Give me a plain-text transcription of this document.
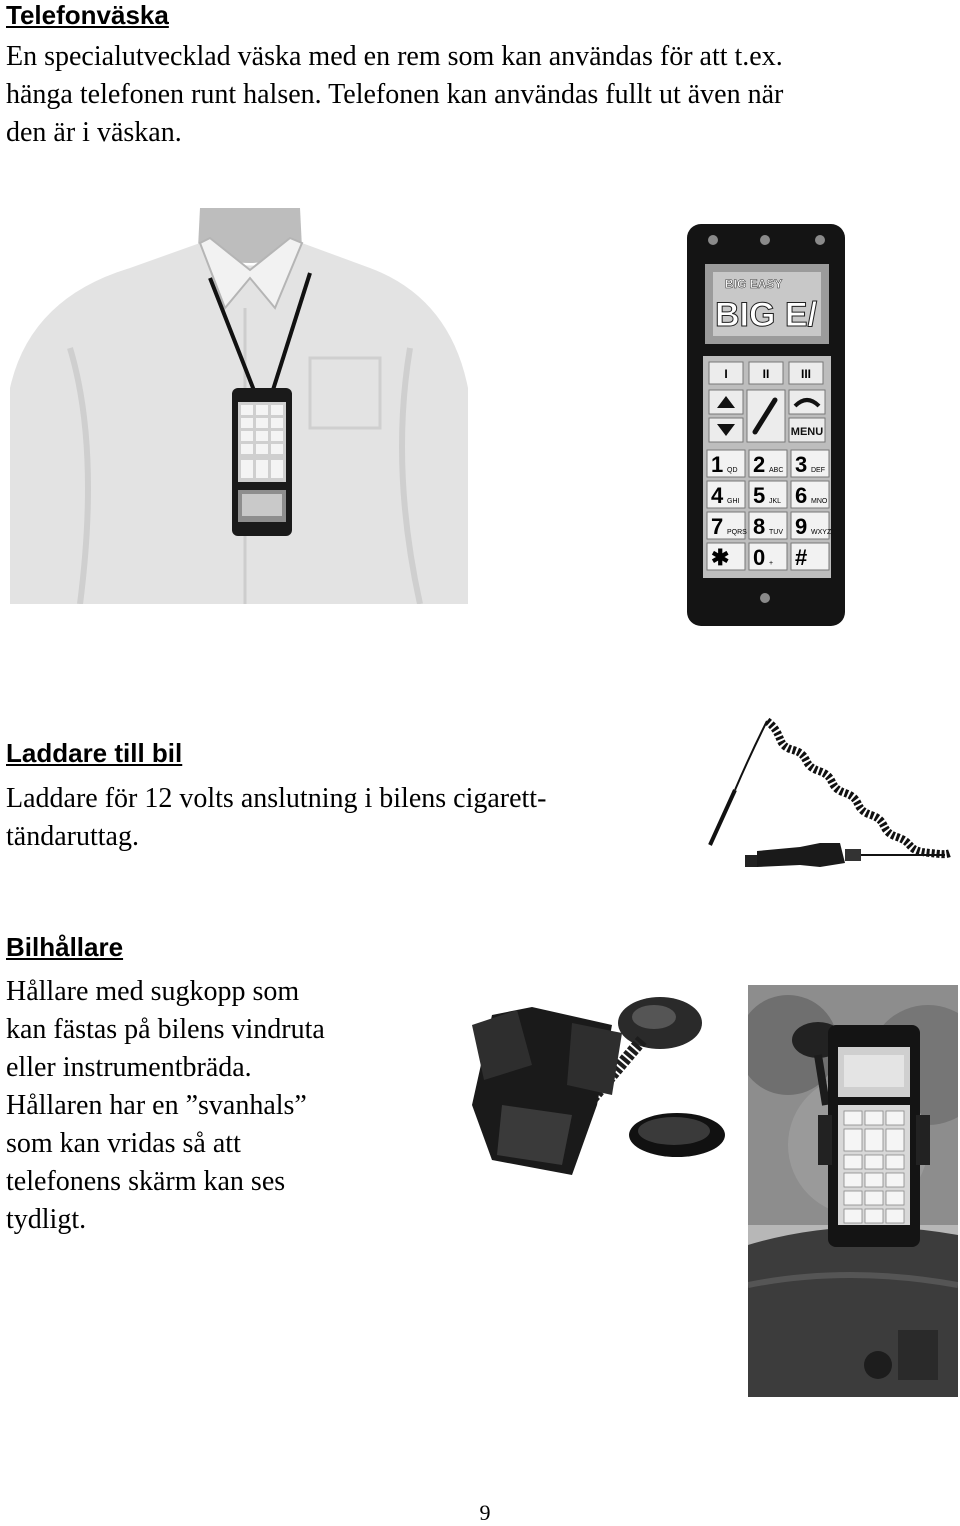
Telefonväska

En specialutvecklad väska med en rem som kan användas för att t.ex.
hänga telefonen runt halsen. Telefonen kan användas fullt ut även när
den är i väskan.

BIG EASY
BIG E/
I	II	III
MENU
1 QD 2 ABC 3 DEF
4 GHI 5 JKL 6 MNO
7 PQRS 8 TUV 9 WXYZ
✱ 0 + #
Laddare till bil

Laddare för 12 volts anslutning i bilens cigarett-
tändaruttag.

Bilhållare

Hållare med sugkopp som
kan fästas på bilens vindruta
eller instrumentbräda.
Hållaren har en ”svanhals”
som kan vridas så att
telefonens skärm kan ses
tydligt.

9
